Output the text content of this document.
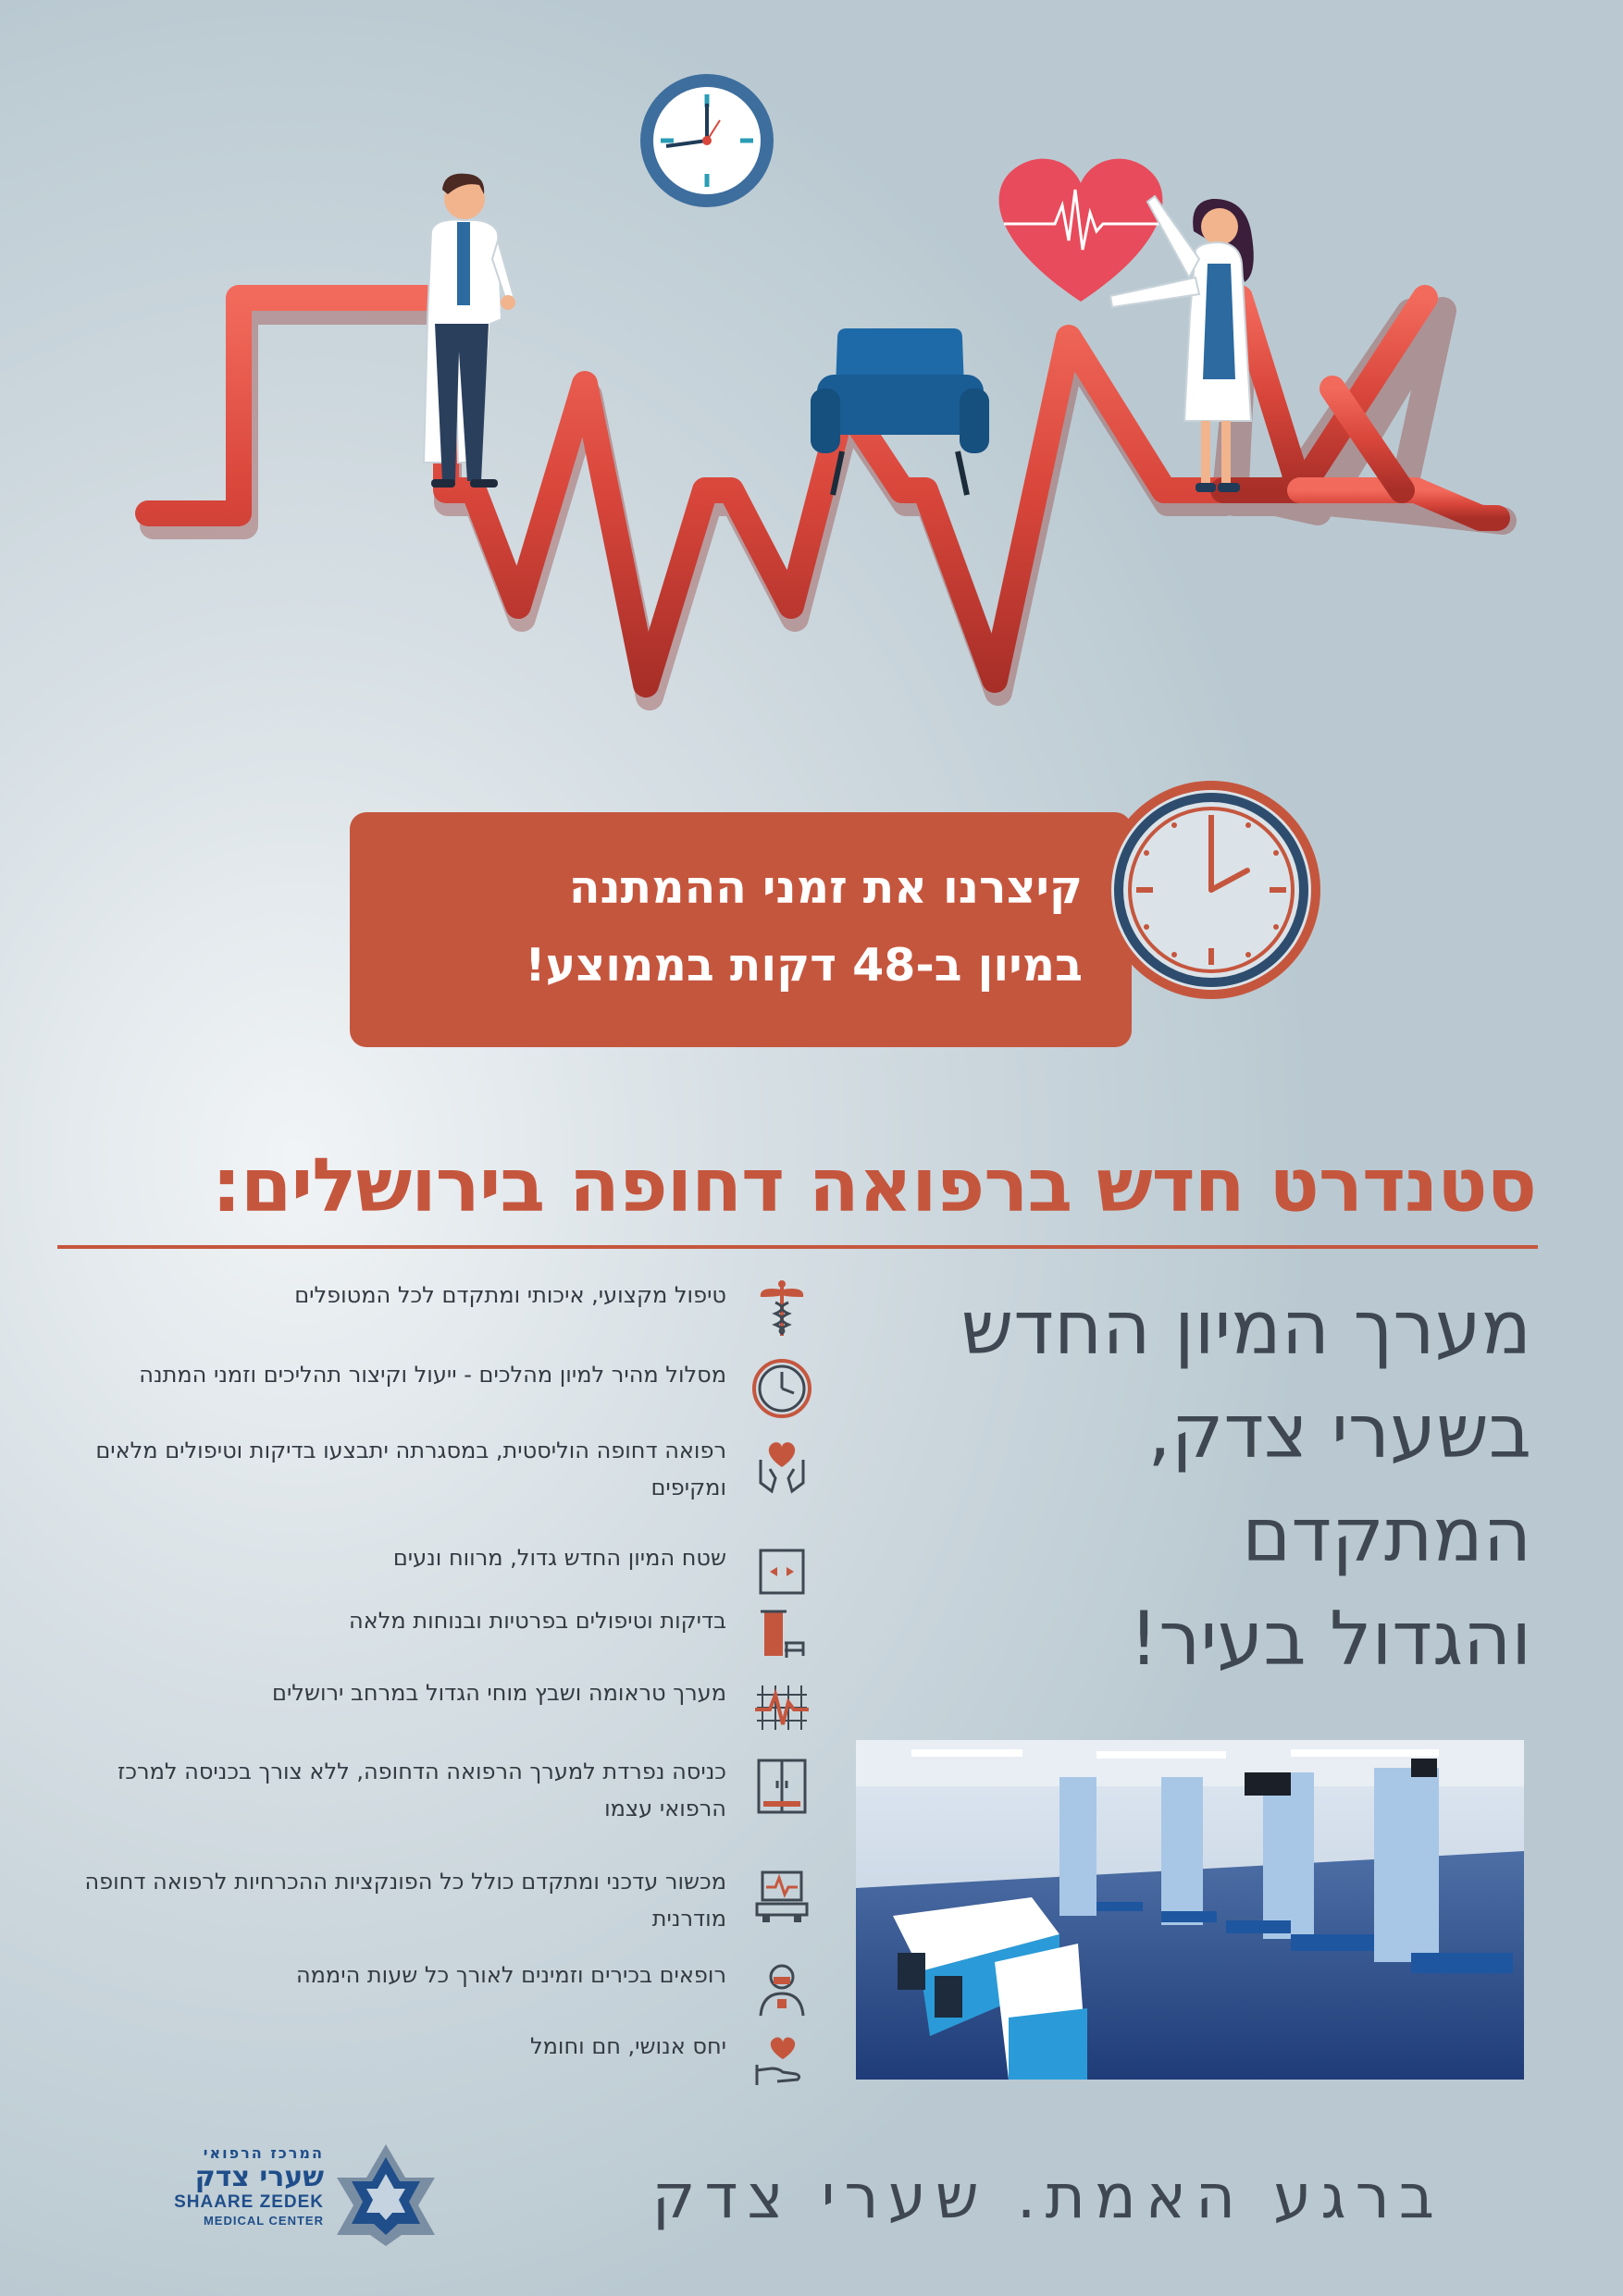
קיצרנו את זמני ההמתנה
במיון ב-48 דקות בממוצע!
סטנדרט חדש ברפואה דחופה בירושלים:
מערך המיון החדש
בשערי צדק,
המתקדם
והגדול בעיר!
טיפול מקצועי, איכותי ומתקדם לכל המטופלים
מסלול מהיר למיון מהלכים - ייעול וקיצור תהליכים וזמני המתנה
רפואה דחופה הוליסטית, במסגרתה יתבצעו בדיקות וטיפולים מלאים ומקיפים
שטח המיון החדש גדול, מרווח ונעים
בדיקות וטיפולים בפרטיות ובנוחות מלאה
מערך טראומה ושבץ מוחי הגדול במרחב ירושלים
כניסה נפרדת למערך הרפואה הדחופה, ללא צורך בכניסה למרכז הרפואי עצמו
מכשור עדכני ומתקדם כולל כל הפונקציות ההכרחיות לרפואה דחופה מודרנית
רופאים בכירים וזמינים לאורך כל שעות היממה
יחס אנושי, חם וחומל
ברגע האמת. שערי צדק
המרכז הרפואי
שערי צדק
SHAARE ZEDEK
MEDICAL CENTER
